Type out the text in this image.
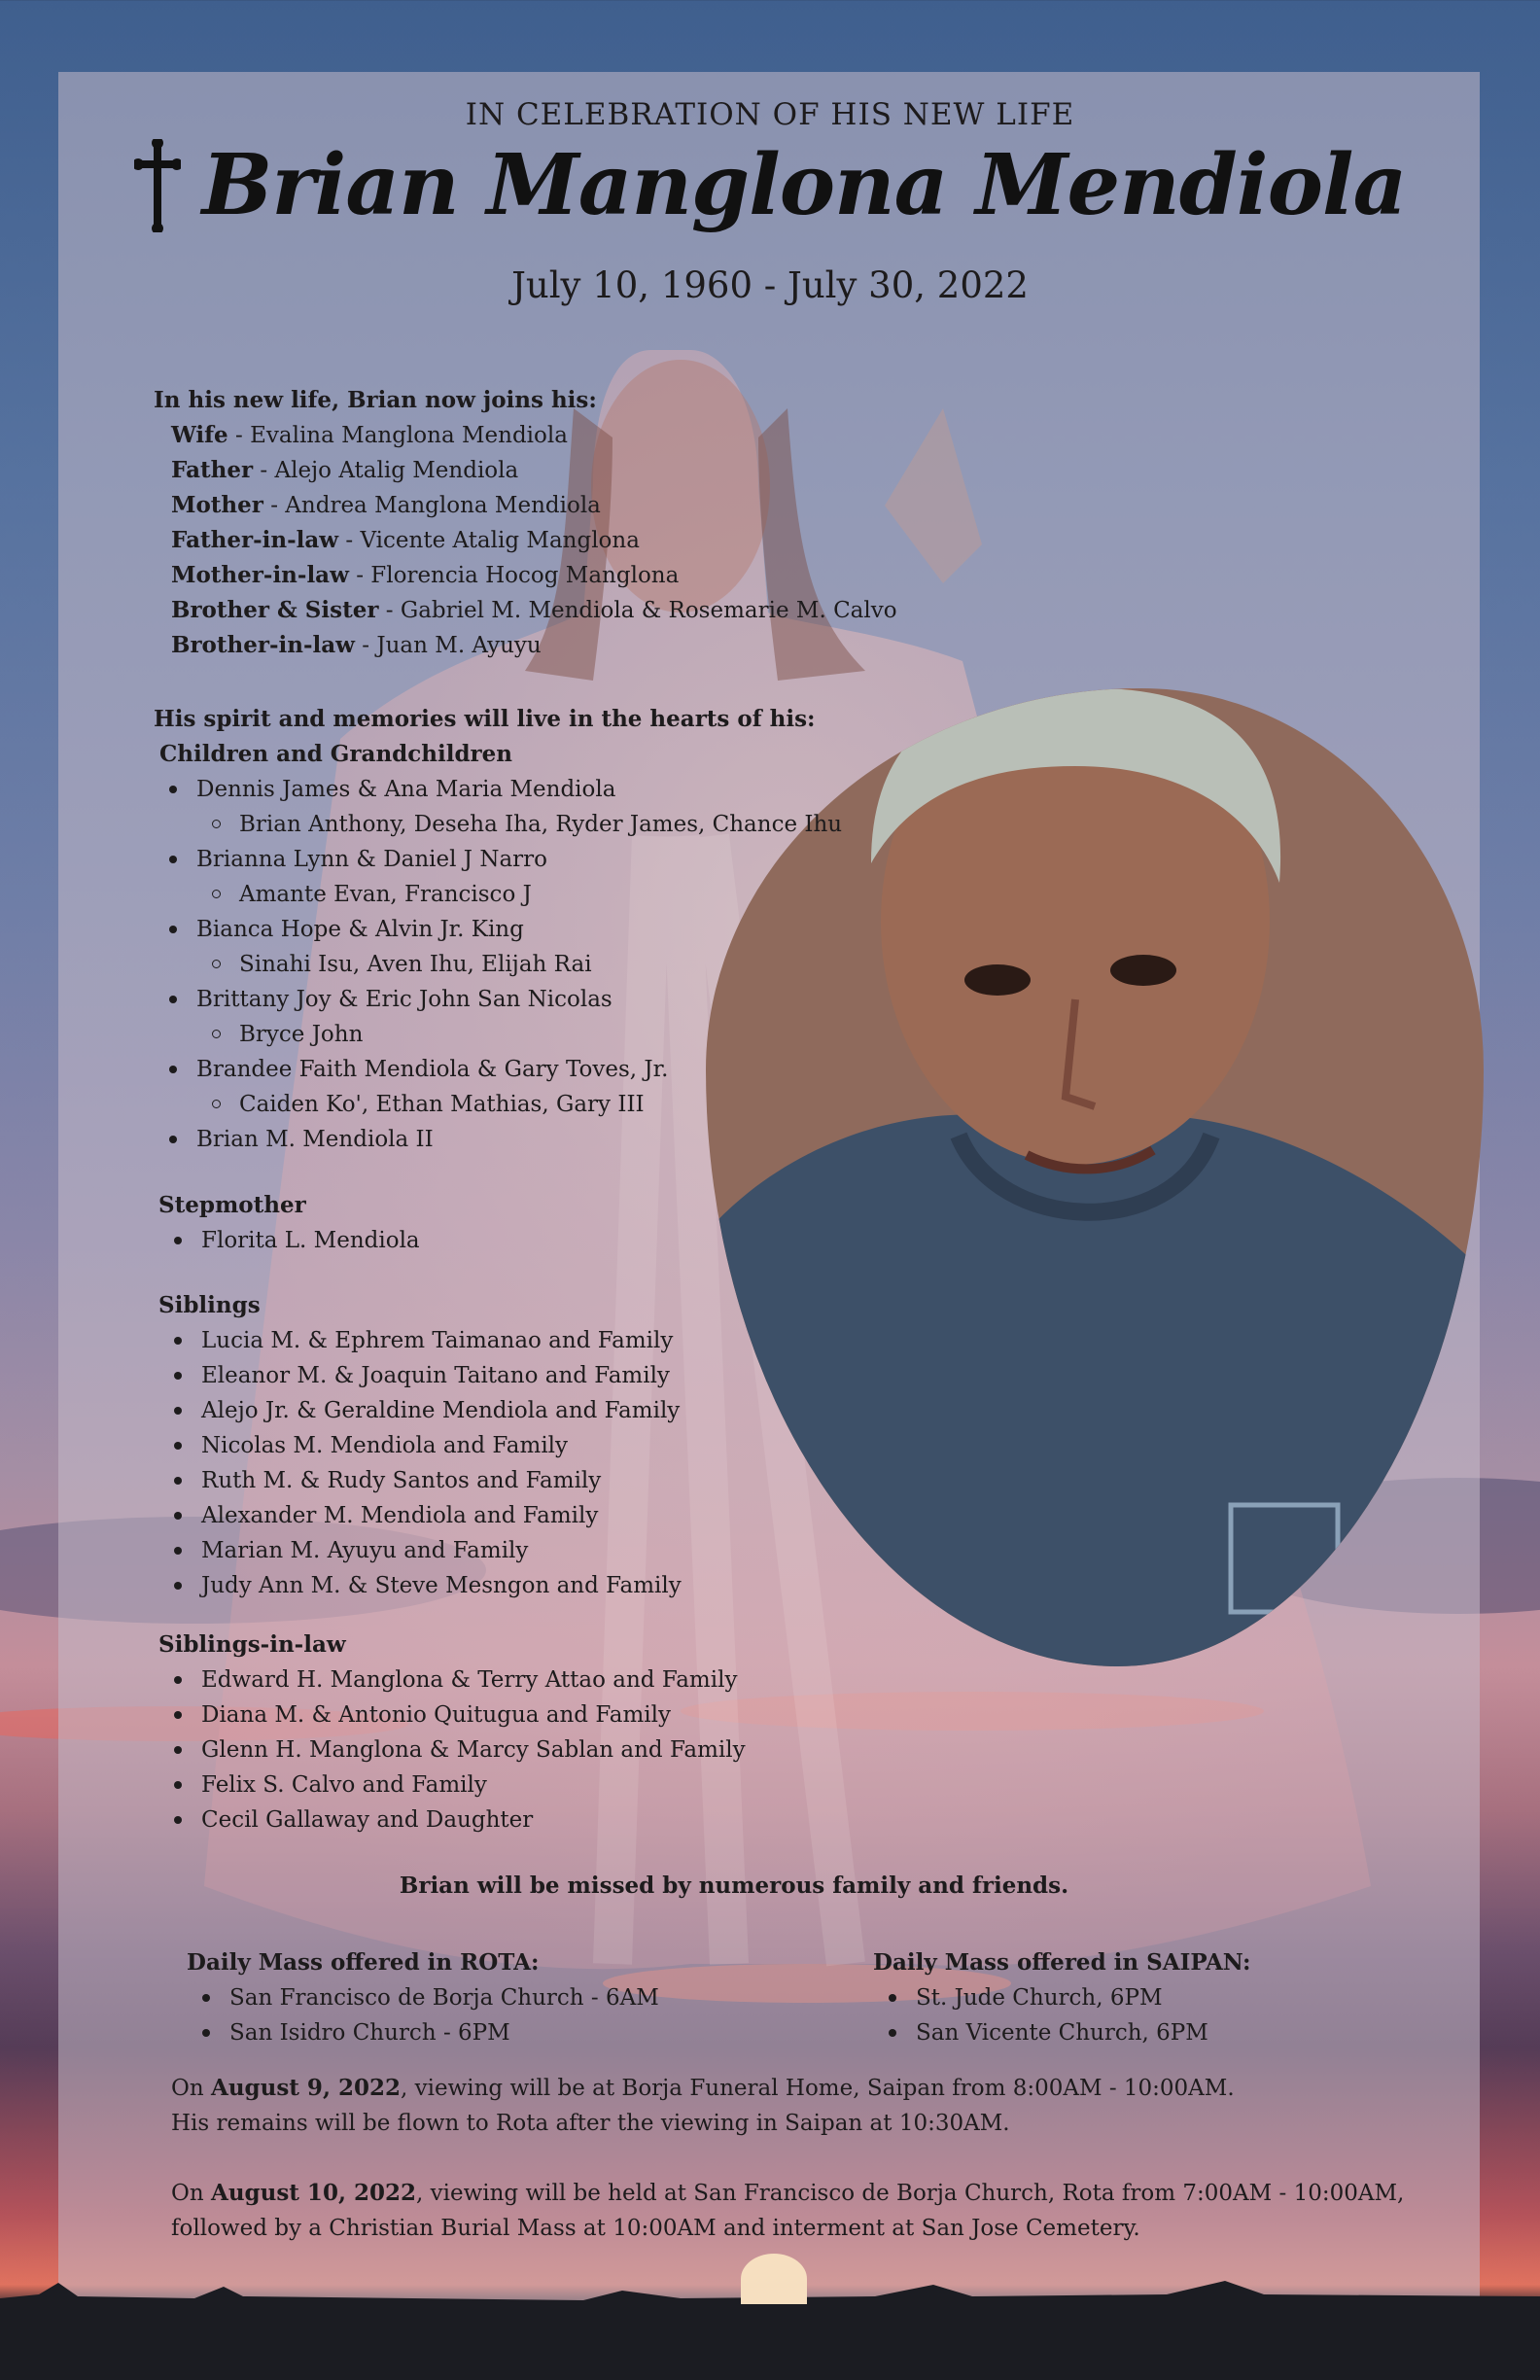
IN CELEBRATION OF HIS NEW LIFE
Brian Manglona Mendiola
July 10, 1960 - July 30, 2022
In his new life, Brian now joins his:
Wife - Evalina Manglona Mendiola
Father - Alejo Atalig Mendiola
Mother - Andrea Manglona Mendiola
Father-in-law - Vicente Atalig Manglona
Mother-in-law - Florencia Hocog Manglona
Brother & Sister - Gabriel M. Mendiola & Rosemarie M. Calvo
Brother-in-law - Juan M. Ayuyu
His spirit and memories will live in the hearts of his:
Children and Grandchildren
Dennis James & Ana Maria Mendiola
Brian Anthony, Deseha Iha, Ryder James, Chance Ihu
Brianna Lynn & Daniel J Narro
Amante Evan, Francisco J
Bianca Hope & Alvin Jr. King
Sinahi Isu, Aven Ihu, Elijah Rai
Brittany Joy & Eric John San Nicolas
Bryce John
Brandee Faith Mendiola & Gary Toves, Jr.
Caiden Ko', Ethan Mathias, Gary III
Brian M. Mendiola II
Stepmother
Florita L. Mendiola
Siblings
Lucia M. & Ephrem Taimanao and Family
Eleanor M. & Joaquin Taitano and Family
Alejo Jr. & Geraldine Mendiola and Family
Nicolas M. Mendiola and Family
Ruth M. & Rudy Santos and Family
Alexander M. Mendiola and Family
Marian M. Ayuyu and Family
Judy Ann M. & Steve Mesngon and Family
Siblings-in-law
Edward H. Manglona & Terry Attao and Family
Diana M. & Antonio Quitugua and Family
Glenn H. Manglona & Marcy Sablan and Family
Felix S. Calvo and Family
Cecil Gallaway and Daughter
Brian will be missed by numerous family and friends.
Daily Mass offered in ROTA:
San Francisco de Borja Church - 6AM
San Isidro Church - 6PM
Daily Mass offered in SAIPAN:
St. Jude Church, 6PM
San Vicente Church, 6PM
On August 9, 2022, viewing will be at Borja Funeral Home, Saipan from 8:00AM - 10:00AM.
His remains will be flown to Rota after the viewing in Saipan at 10:30AM.
On August 10, 2022, viewing will be held at San Francisco de Borja Church, Rota from 7:00AM - 10:00AM,
followed by a Christian Burial Mass at 10:00AM and interment at San Jose Cemetery.
